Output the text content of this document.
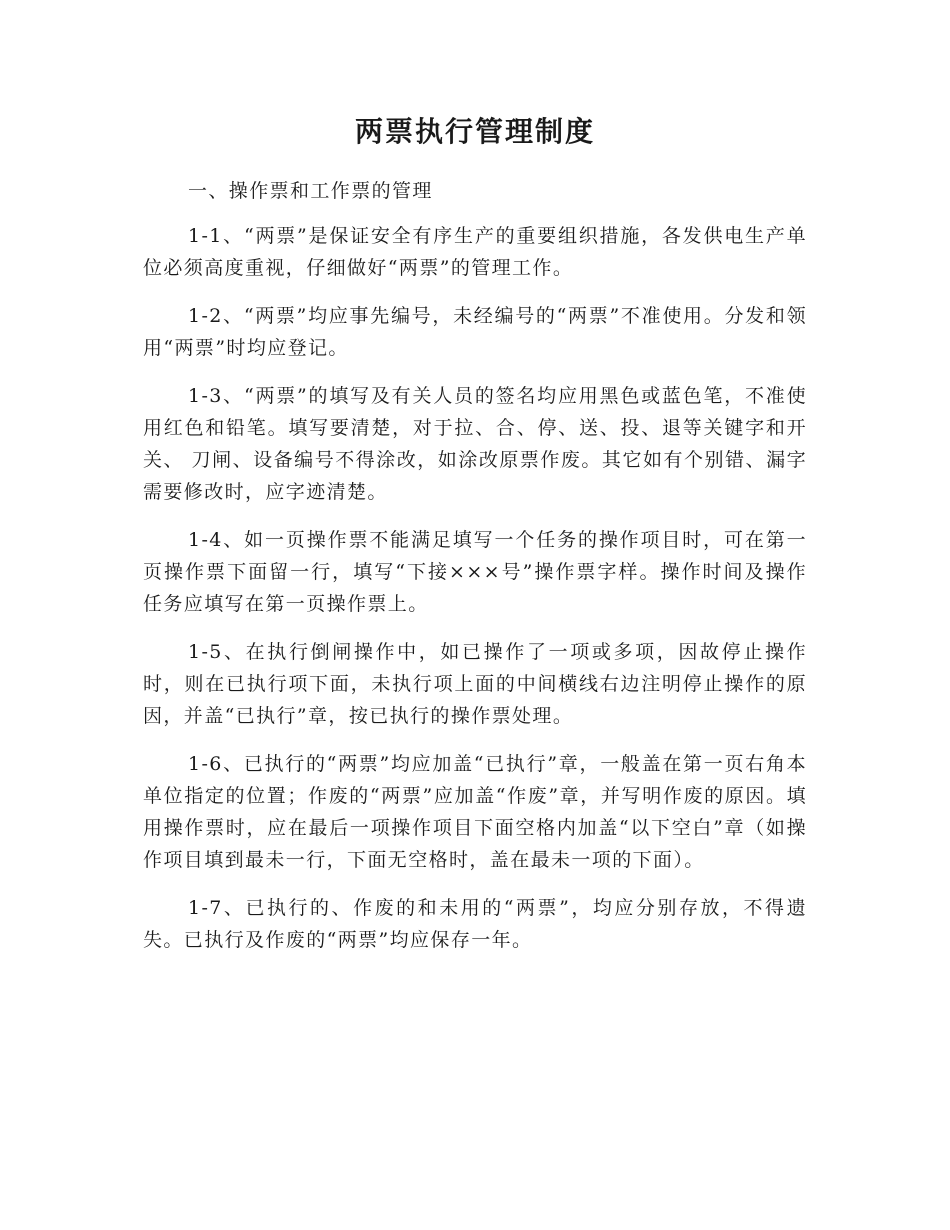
两票执行管理制度

一、操作票和工作票的管理

1-1、“两票”是保证安全有序生产的重要组织措施，各发供电生产单位必须高度重视，仔细做好“两票”的管理工作。

1-2、“两票”均应事先编号，未经编号的“两票”不准使用。分发和领用“两票”时均应登记。

1-3、“两票”的填写及有关人员的签名均应用黑色或蓝色笔，不准使用红色和铅笔。填写要清楚，对于拉、合、停、送、投、退等关键字和开关、 刀闸、设备编号不得涂改，如涂改原票作废。其它如有个别错、漏字需要修改时，应字迹清楚。

1-4、如一页操作票不能满足填写一个任务的操作项目时，可在第一页操作票下面留一行，填写“下接×××号”操作票字样。操作时间及操作任务应填写在第一页操作票上。

1-5、在执行倒闸操作中，如已操作了一项或多项，因故停止操作时，则在已执行项下面，未执行项上面的中间横线右边注明停止操作的原因，并盖“已执行”章，按已执行的操作票处理。

1-6、已执行的“两票”均应加盖“已执行”章，一般盖在第一页右角本单位指定的位置；作废的“两票”应加盖“作废”章，并写明作废的原因。填用操作票时，应在最后一项操作项目下面空格内加盖“以下空白”章（如操作项目填到最未一行，下面无空格时，盖在最未一项的下面）。

1-7、已执行的、作废的和未用的“两票”，均应分别存放，不得遗失。已执行及作废的“两票”均应保存一年。
